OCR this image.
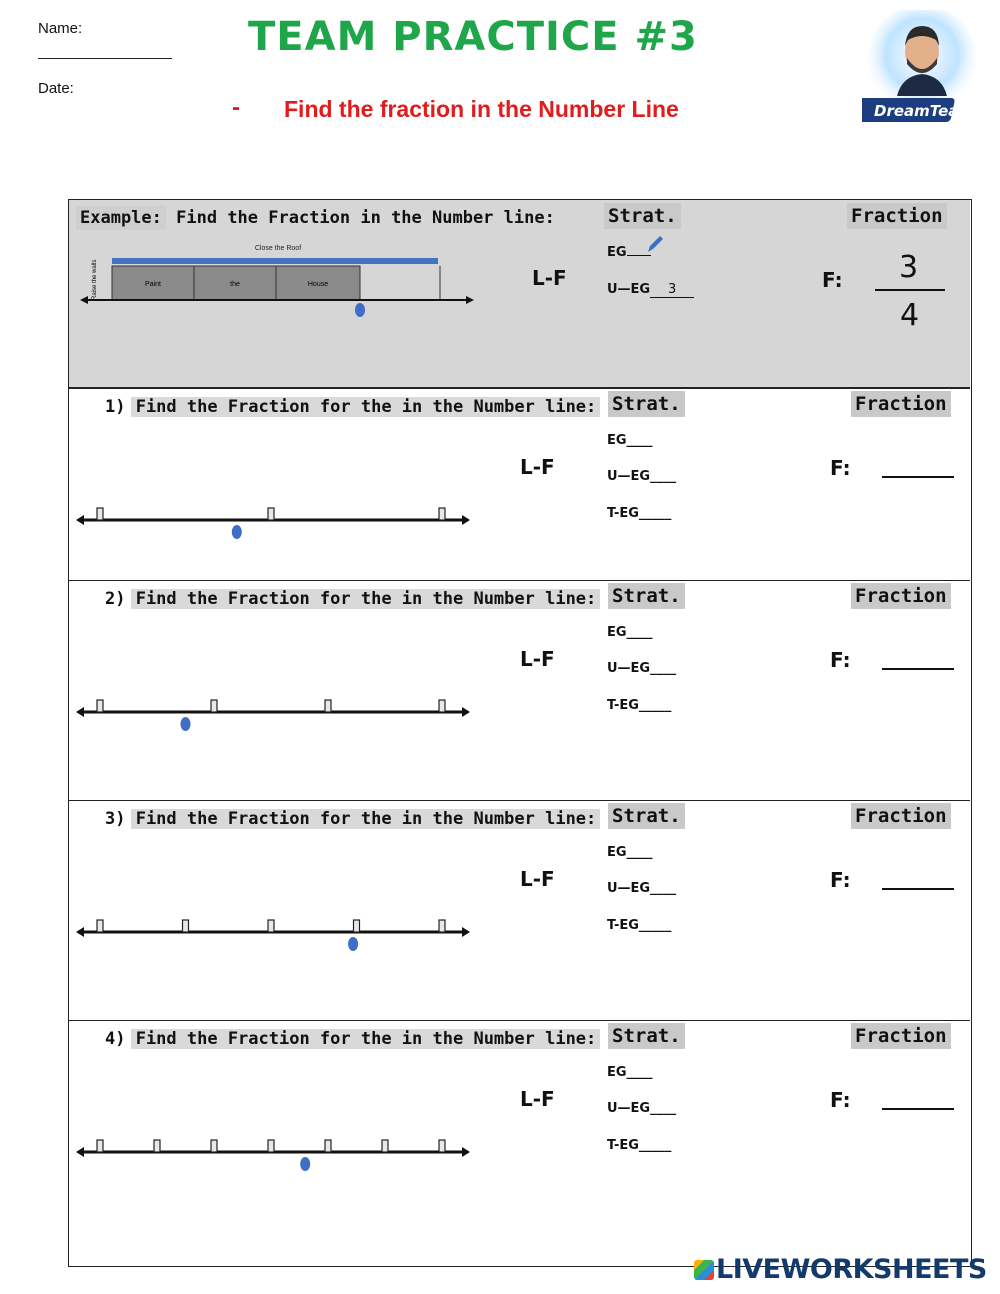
Name:
Date:
TEAM PRACTICE #3
- Find the fraction in the Number Line	DreamTeam
Example: Find the Fraction in the Number line:
Close the Roof
Paint	the	House
Raise the walls	L-F
Strat.
EG
U—EG 3
Fraction
F: 3
4
1) Find the Fraction for the in the Number line: Strat.	Fraction
L-F
EG____
U—EG____
T-EG_____
F:
2) Find the Fraction for the in the Number line: Strat.	Fraction
L-F
EG____
U—EG____
T-EG_____
F:
3) Find the Fraction for the in the Number line: Strat.	Fraction
L-F
EG____
U—EG____
T-EG_____
F:
4) Find the Fraction for the in the Number line: Strat.	Fraction
L-F
EG____
U—EG____
T-EG_____
F:
LIVEWORKSHEETS
